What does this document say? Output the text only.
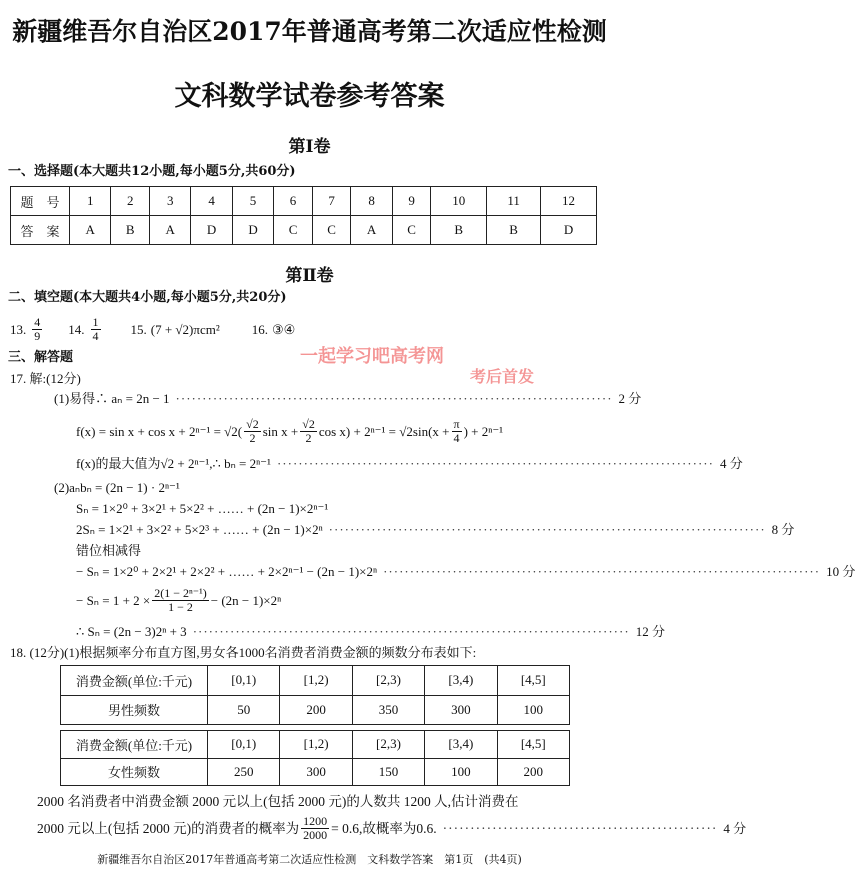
新疆维吾尔自治区2017年普通高考第二次适应性检测
文科数学试卷参考答案
第Ⅰ卷
一、选择题(本大题共12小题,每小题5分,共60分)
题　号	1	2	3	4	5	6	7	8	9	10	11	12
答　案	A	B	A	D	D	C	C	A	C	B	B	D
第Ⅱ卷
二、填空题(本大题共4小题,每小题5分,共20分)
13. $\frac{4}{9} 14$. $\frac{1}{4} 15$. (7 + √2)πcm² 16. ③④
三、解答题
17. 解:(12分)
一起学习吧高考网
考后首发
(1)易得∴ aₙ = 2n − 1 ·················································································· 2 分
$f(x) = \sin x + \cos x + 2^{n-1} = √2( \frac{√2}{2}$ $\sin x + \frac{√2}{2}$ $\cos x) + 2^{n-1} = √2\sin(x + \frac{\pi}{4}$ ) + 2ⁿ⁻¹
f(x)的最大值为√2 + 2ⁿ⁻¹,∴ bₙ = 2ⁿ⁻¹ ·················································································· 4 分
(2)aₙbₙ = (2n − 1) · 2ⁿ⁻¹
Sₙ = 1×2⁰ + 3×2¹ + 5×2² + …… + (2n − 1)×2ⁿ⁻¹
2Sₙ = 1×2¹ + 3×2² + 5×2³ + …… + (2n − 1)×2ⁿ ·················································································· 8 分
错位相减得
− Sₙ = 1×2⁰ + 2×2¹ + 2×2² + …… + 2×2ⁿ⁻¹ − (2n − 1)×2ⁿ ·················································································· 10 分
− $S_n = 1 + 2 \times \frac{\text{2(1 − 2ⁿ⁻¹)}}{1 - 2} - (2n - 1)\times 2^n$
∴ Sₙ = (2n − 3)2ⁿ + 3 ·················································································· 12 分
18. (12分)(1)根据频率分布直方图,男女各1000名消费者消费金额的频数分布表如下:
消费金额(单位:千元)	[0,1)	[1,2)	[2,3)	[3,4)	[4,5]
男性频数	50	200	350	300	100
消费金额(单位:千元)	[0,1)	[1,2)	[2,3)	[3,4)	[4,5]
女性频数	250	300	150	100	200
2000 名消费者中消费金额 2000 元以上(包括 2000 元)的人数共 1200 人,估计消费在
2000 元以上(包括 2000 元)的消费者的概率为 $\frac{1200}{2000} = 0.6$,故概率为0.6. ·················································· 4 分
新疆维吾尔自治区2017年普通高考第二次适应性检测　文科数学答案　第1页　(共4页)
